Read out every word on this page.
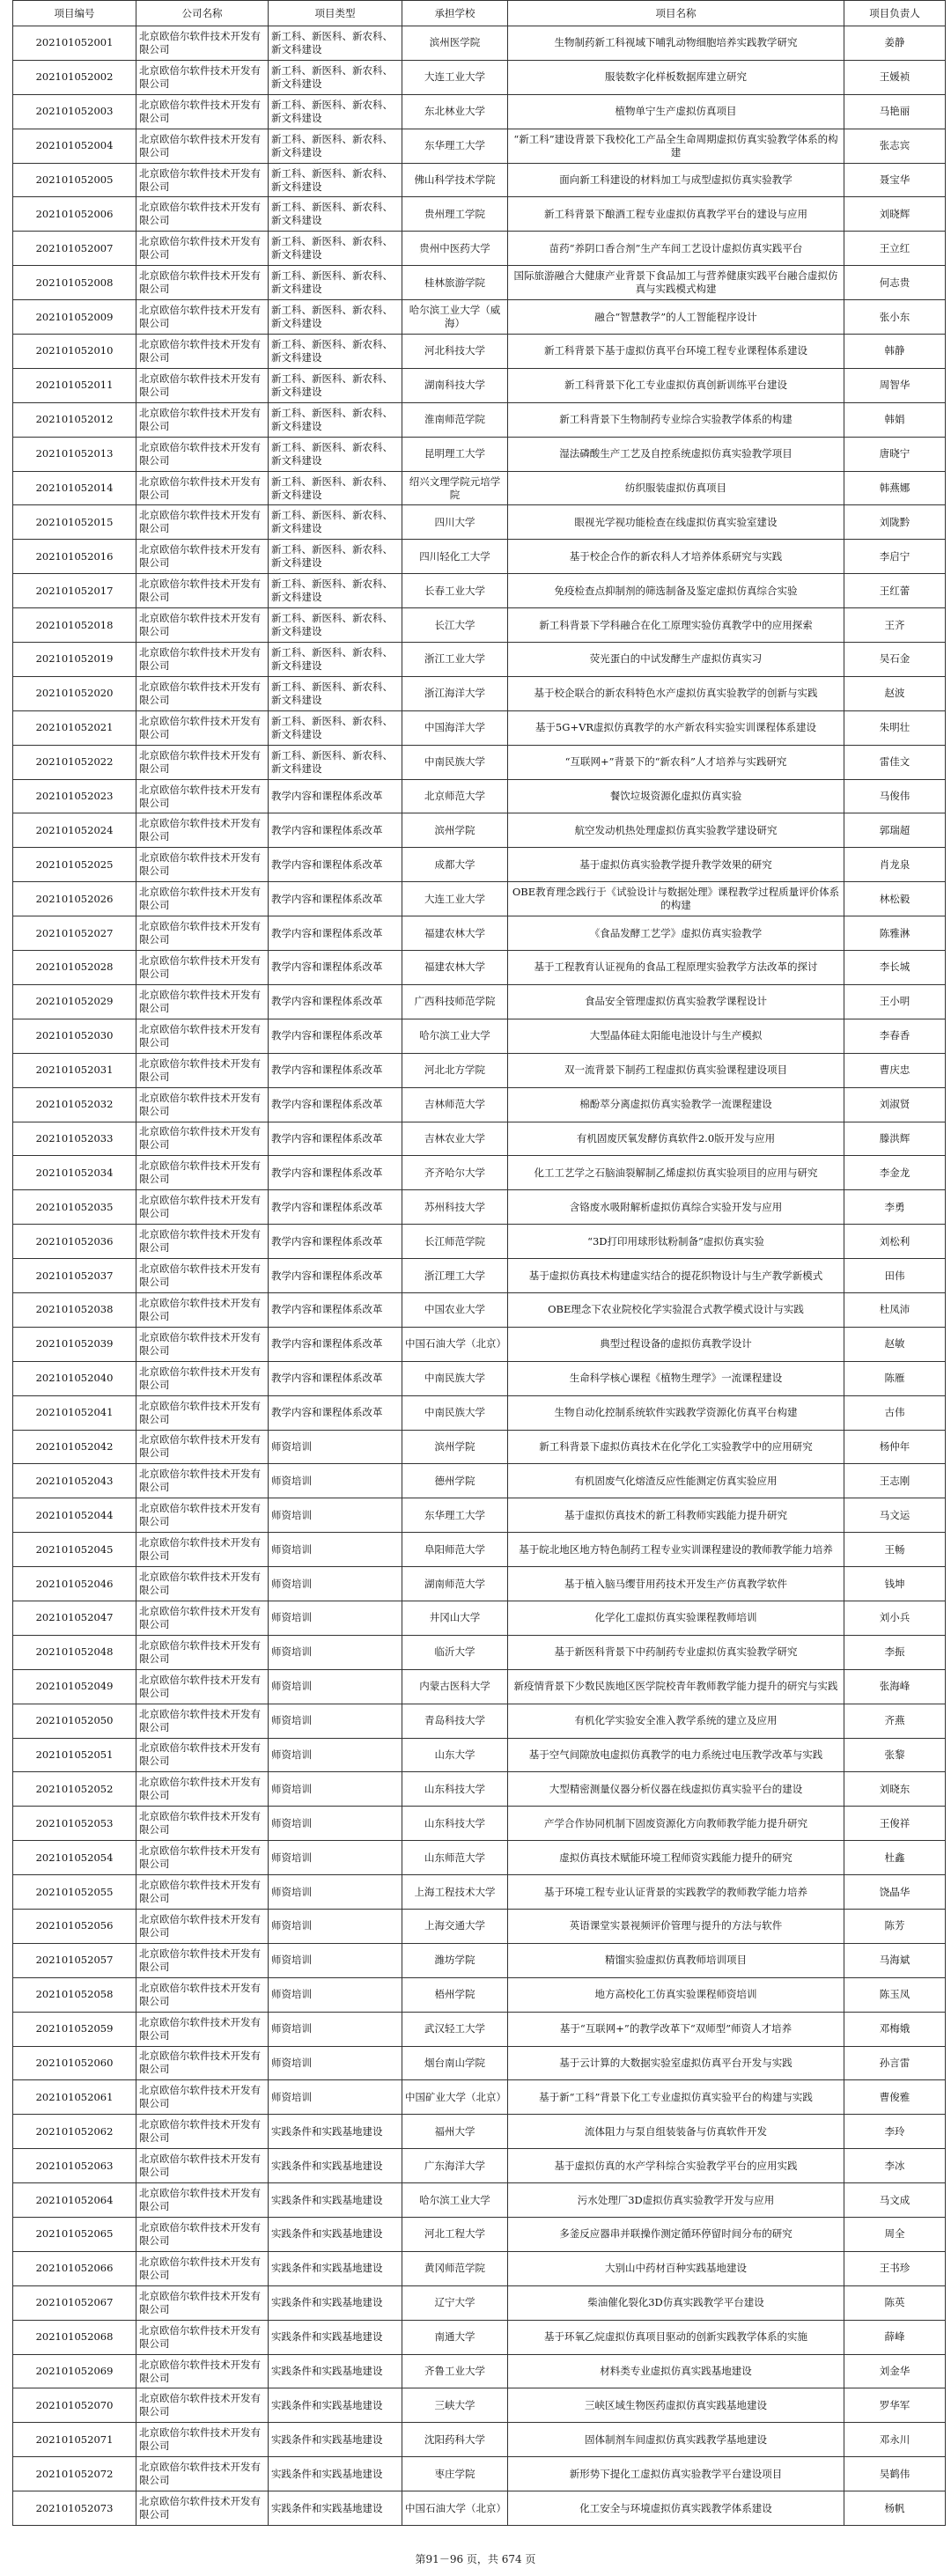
项目编号	公司名称	项目类型	承担学校	项目名称	项目负责人
202101052001	北京欧倍尔软件技术开发有限公司	新工科、新医科、新农科、新文科建设	滨州医学院	生物制药新工科视域下哺乳动物细胞培养实践教学研究	姜静
202101052002	北京欧倍尔软件技术开发有限公司	新工科、新医科、新农科、新文科建设	大连工业大学	服装数字化样板数据库建立研究	王媛祯
202101052003	北京欧倍尔软件技术开发有限公司	新工科、新医科、新农科、新文科建设	东北林业大学	植物单宁生产虚拟仿真项目	马艳丽
202101052004	北京欧倍尔软件技术开发有限公司	新工科、新医科、新农科、新文科建设	东华理工大学	“新工科”建设背景下我校化工产品全生命周期虚拟仿真实验教学体系的构建	张志宾
202101052005	北京欧倍尔软件技术开发有限公司	新工科、新医科、新农科、新文科建设	佛山科学技术学院	面向新工科建设的材料加工与成型虚拟仿真实验教学	聂宝华
202101052006	北京欧倍尔软件技术开发有限公司	新工科、新医科、新农科、新文科建设	贵州理工学院	新工科背景下酿酒工程专业虚拟仿真教学平台的建设与应用	刘晓辉
202101052007	北京欧倍尔软件技术开发有限公司	新工科、新医科、新农科、新文科建设	贵州中医药大学	苗药“养阴口香合剂”生产车间工艺设计虚拟仿真实践平台	王立红
202101052008	北京欧倍尔软件技术开发有限公司	新工科、新医科、新农科、新文科建设	桂林旅游学院	国际旅游融合大健康产业背景下食品加工与营养健康实践平台融合虚拟仿真与实践模式构建	何志贵
202101052009	北京欧倍尔软件技术开发有限公司	新工科、新医科、新农科、新文科建设	哈尔滨工业大学（威海）	融合“智慧教学”的人工智能程序设计	张小东
202101052010	北京欧倍尔软件技术开发有限公司	新工科、新医科、新农科、新文科建设	河北科技大学	新工科背景下基于虚拟仿真平台环境工程专业课程体系建设	韩静
202101052011	北京欧倍尔软件技术开发有限公司	新工科、新医科、新农科、新文科建设	湖南科技大学	新工科背景下化工专业虚拟仿真创新训练平台建设	周智华
202101052012	北京欧倍尔软件技术开发有限公司	新工科、新医科、新农科、新文科建设	淮南师范学院	新工科背景下生物制药专业综合实验教学体系的构建	韩娟
202101052013	北京欧倍尔软件技术开发有限公司	新工科、新医科、新农科、新文科建设	昆明理工大学	湿法磷酸生产工艺及自控系统虚拟仿真实验教学项目	唐晓宁
202101052014	北京欧倍尔软件技术开发有限公司	新工科、新医科、新农科、新文科建设	绍兴文理学院元培学院	纺织服装虚拟仿真项目	韩燕娜
202101052015	北京欧倍尔软件技术开发有限公司	新工科、新医科、新农科、新文科建设	四川大学	眼视光学视功能检查在线虚拟仿真实验室建设	刘陇黔
202101052016	北京欧倍尔软件技术开发有限公司	新工科、新医科、新农科、新文科建设	四川轻化工大学	基于校企合作的新农科人才培养体系研究与实践	李启宁
202101052017	北京欧倍尔软件技术开发有限公司	新工科、新医科、新农科、新文科建设	长春工业大学	免疫检查点抑制剂的筛选制备及鉴定虚拟仿真综合实验	王红蕾
202101052018	北京欧倍尔软件技术开发有限公司	新工科、新医科、新农科、新文科建设	长江大学	新工科背景下学科融合在化工原理实验仿真教学中的应用探索	王齐
202101052019	北京欧倍尔软件技术开发有限公司	新工科、新医科、新农科、新文科建设	浙江工业大学	荧光蛋白的中试发酵生产虚拟仿真实习	吴石金
202101052020	北京欧倍尔软件技术开发有限公司	新工科、新医科、新农科、新文科建设	浙江海洋大学	基于校企联合的新农科特色水产虚拟仿真实验教学的创新与实践	赵波
202101052021	北京欧倍尔软件技术开发有限公司	新工科、新医科、新农科、新文科建设	中国海洋大学	基于5G+VR虚拟仿真教学的水产新农科实验实训课程体系建设	朱明壮
202101052022	北京欧倍尔软件技术开发有限公司	新工科、新医科、新农科、新文科建设	中南民族大学	“互联网+”背景下的“新农科”人才培养与实践研究	雷佳文
202101052023	北京欧倍尔软件技术开发有限公司	教学内容和课程体系改革	北京师范大学	餐饮垃圾资源化虚拟仿真实验	马俊伟
202101052024	北京欧倍尔软件技术开发有限公司	教学内容和课程体系改革	滨州学院	航空发动机热处理虚拟仿真实验教学建设研究	郭瑞超
202101052025	北京欧倍尔软件技术开发有限公司	教学内容和课程体系改革	成都大学	基于虚拟仿真实验教学提升教学效果的研究	肖龙泉
202101052026	北京欧倍尔软件技术开发有限公司	教学内容和课程体系改革	大连工业大学	OBE教育理念践行于《试验设计与数据处理》课程教学过程质量评价体系的构建	林松毅
202101052027	北京欧倍尔软件技术开发有限公司	教学内容和课程体系改革	福建农林大学	《食品发酵工艺学》虚拟仿真实验教学	陈雅淋
202101052028	北京欧倍尔软件技术开发有限公司	教学内容和课程体系改革	福建农林大学	基于工程教育认证视角的食品工程原理实验教学方法改革的探讨	李长城
202101052029	北京欧倍尔软件技术开发有限公司	教学内容和课程体系改革	广西科技师范学院	食品安全管理虚拟仿真实验教学课程设计	王小明
202101052030	北京欧倍尔软件技术开发有限公司	教学内容和课程体系改革	哈尔滨工业大学	大型晶体硅太阳能电池设计与生产模拟	李春香
202101052031	北京欧倍尔软件技术开发有限公司	教学内容和课程体系改革	河北北方学院	双一流背景下制药工程虚拟仿真实验课程建设项目	曹庆忠
202101052032	北京欧倍尔软件技术开发有限公司	教学内容和课程体系改革	吉林师范大学	棉酚萃分离虚拟仿真实验教学一流课程建设	刘淑贤
202101052033	北京欧倍尔软件技术开发有限公司	教学内容和课程体系改革	吉林农业大学	有机固废厌氧发酵仿真软件2.0版开发与应用	滕洪辉
202101052034	北京欧倍尔软件技术开发有限公司	教学内容和课程体系改革	齐齐哈尔大学	化工工艺学之石脑油裂解制乙烯虚拟仿真实验项目的应用与研究	李金龙
202101052035	北京欧倍尔软件技术开发有限公司	教学内容和课程体系改革	苏州科技大学	含铬废水吸附解析虚拟仿真综合实验开发与应用	李勇
202101052036	北京欧倍尔软件技术开发有限公司	教学内容和课程体系改革	长江师范学院	“3D打印用球形钛粉制备”虚拟仿真实验	刘松利
202101052037	北京欧倍尔软件技术开发有限公司	教学内容和课程体系改革	浙江理工大学	基于虚拟仿真技术构建虚实结合的提花织物设计与生产教学新模式	田伟
202101052038	北京欧倍尔软件技术开发有限公司	教学内容和课程体系改革	中国农业大学	OBE理念下农业院校化学实验混合式教学模式设计与实践	杜凤沛
202101052039	北京欧倍尔软件技术开发有限公司	教学内容和课程体系改革	中国石油大学（北京）	典型过程设备的虚拟仿真教学设计	赵敏
202101052040	北京欧倍尔软件技术开发有限公司	教学内容和课程体系改革	中南民族大学	生命科学核心课程《植物生理学》一流课程建设	陈雁
202101052041	北京欧倍尔软件技术开发有限公司	教学内容和课程体系改革	中南民族大学	生物自动化控制系统软件实践教学资源化仿真平台构建	古伟
202101052042	北京欧倍尔软件技术开发有限公司	师资培训	滨州学院	新工科背景下虚拟仿真技术在化学化工实验教学中的应用研究	杨仲年
202101052043	北京欧倍尔软件技术开发有限公司	师资培训	德州学院	有机固废气化熔渣反应性能测定仿真实验应用	王志刚
202101052044	北京欧倍尔软件技术开发有限公司	师资培训	东华理工大学	基于虚拟仿真技术的新工科教师实践能力提升研究	马文运
202101052045	北京欧倍尔软件技术开发有限公司	师资培训	阜阳师范大学	基于皖北地区地方特色制药工程专业实训课程建设的教师教学能力培养	王畅
202101052046	北京欧倍尔软件技术开发有限公司	师资培训	湖南师范大学	基于植入脑马缨苷用药技术开发生产仿真教学软件	钱坤
202101052047	北京欧倍尔软件技术开发有限公司	师资培训	井冈山大学	化学化工虚拟仿真实验课程教师培训	刘小兵
202101052048	北京欧倍尔软件技术开发有限公司	师资培训	临沂大学	基于新医科背景下中药制药专业虚拟仿真实验教学研究	李振
202101052049	北京欧倍尔软件技术开发有限公司	师资培训	内蒙古医科大学	新疫情背景下少数民族地区医学院校青年教师教学能力提升的研究与实践	张海峰
202101052050	北京欧倍尔软件技术开发有限公司	师资培训	青岛科技大学	有机化学实验安全准入教学系统的建立及应用	齐燕
202101052051	北京欧倍尔软件技术开发有限公司	师资培训	山东大学	基于空气间隙放电虚拟仿真教学的电力系统过电压教学改革与实践	张黎
202101052052	北京欧倍尔软件技术开发有限公司	师资培训	山东科技大学	大型精密测量仪器分析仪器在线虚拟仿真实验平台的建设	刘晓东
202101052053	北京欧倍尔软件技术开发有限公司	师资培训	山东科技大学	产学合作协同机制下固废资源化方向教师教学能力提升研究	王俊祥
202101052054	北京欧倍尔软件技术开发有限公司	师资培训	山东师范大学	虚拟仿真技术赋能环境工程师资实践能力提升的研究	杜鑫
202101052055	北京欧倍尔软件技术开发有限公司	师资培训	上海工程技术大学	基于环境工程专业认证背景的实践教学的教师教学能力培养	饶晶华
202101052056	北京欧倍尔软件技术开发有限公司	师资培训	上海交通大学	英语课堂实景视频评价管理与提升的方法与软件	陈芳
202101052057	北京欧倍尔软件技术开发有限公司	师资培训	潍坊学院	精馏实验虚拟仿真教师培训项目	马海斌
202101052058	北京欧倍尔软件技术开发有限公司	师资培训	梧州学院	地方高校化工仿真实验课程师资培训	陈玉凤
202101052059	北京欧倍尔软件技术开发有限公司	师资培训	武汉轻工大学	基于“互联网+”的教学改革下“双师型”师资人才培养	邓梅娥
202101052060	北京欧倍尔软件技术开发有限公司	师资培训	烟台南山学院	基于云计算的大数据实验室虚拟仿真平台开发与实践	孙言雷
202101052061	北京欧倍尔软件技术开发有限公司	师资培训	中国矿业大学（北京）	基于新“工科”背景下化工专业虚拟仿真实验平台的构建与实践	曹俊雅
202101052062	北京欧倍尔软件技术开发有限公司	实践条件和实践基地建设	福州大学	流体阻力与泵自组装装备与仿真软件开发	李玲
202101052063	北京欧倍尔软件技术开发有限公司	实践条件和实践基地建设	广东海洋大学	基于虚拟仿真的水产学科综合实验教学平台的应用实践	李冰
202101052064	北京欧倍尔软件技术开发有限公司	实践条件和实践基地建设	哈尔滨工业大学	污水处理厂3D虚拟仿真实验教学开发与应用	马文成
202101052065	北京欧倍尔软件技术开发有限公司	实践条件和实践基地建设	河北工程大学	多釜反应器串并联操作测定循环停留时间分布的研究	周全
202101052066	北京欧倍尔软件技术开发有限公司	实践条件和实践基地建设	黄冈师范学院	大别山中药材百种实践基地建设	王书珍
202101052067	北京欧倍尔软件技术开发有限公司	实践条件和实践基地建设	辽宁大学	柴油催化裂化3D仿真实践教学平台建设	陈英
202101052068	北京欧倍尔软件技术开发有限公司	实践条件和实践基地建设	南通大学	基于环氧乙烷虚拟仿真项目驱动的创新实践教学体系的实施	薛峰
202101052069	北京欧倍尔软件技术开发有限公司	实践条件和实践基地建设	齐鲁工业大学	材料类专业虚拟仿真实践基地建设	刘金华
202101052070	北京欧倍尔软件技术开发有限公司	实践条件和实践基地建设	三峡大学	三峡区域生物医药虚拟仿真实践基地建设	罗华军
202101052071	北京欧倍尔软件技术开发有限公司	实践条件和实践基地建设	沈阳药科大学	固体制剂车间虚拟仿真实践教学基地建设	邓永川
202101052072	北京欧倍尔软件技术开发有限公司	实践条件和实践基地建设	枣庄学院	新形势下提化工虚拟仿真实验教学平台建设项目	吴鹤伟
202101052073	北京欧倍尔软件技术开发有限公司	实践条件和实践基地建设	中国石油大学（北京）	化工安全与环境虚拟仿真实践教学体系建设	杨帆
第91－96 页，共 674 页
